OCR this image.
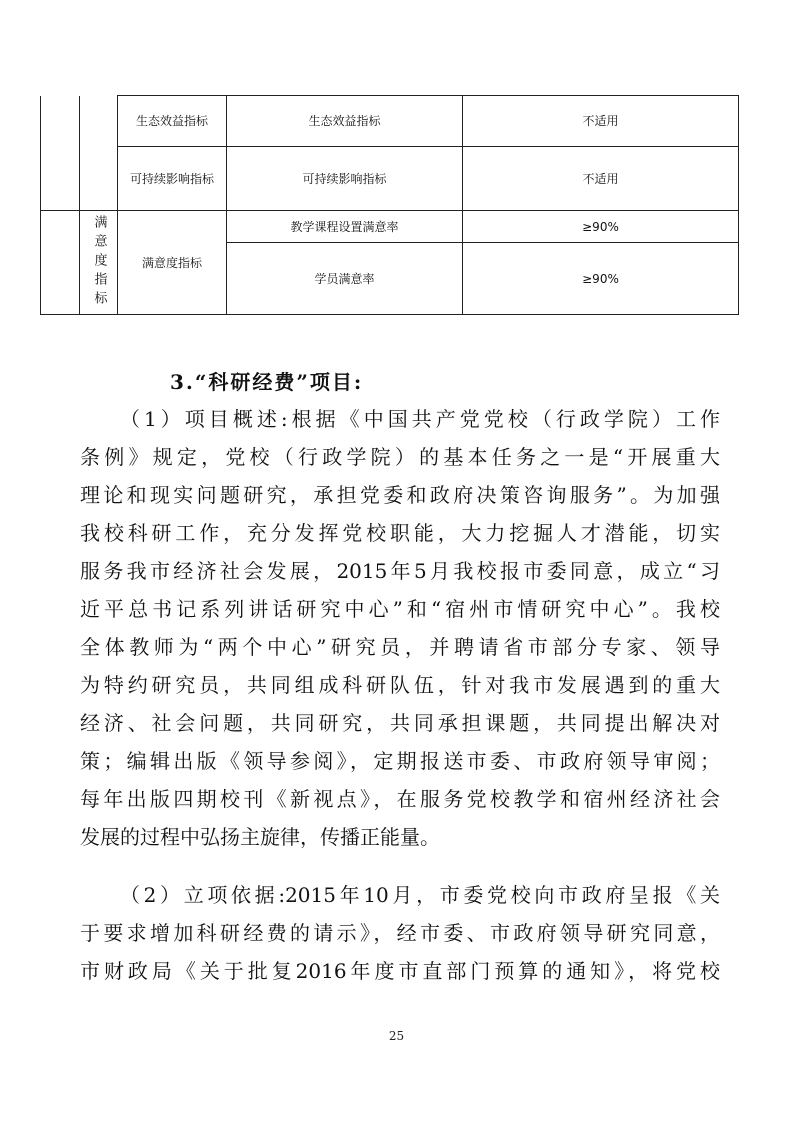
		生态效益指标	生态效益指标	不适用
		可持续影响指标	可持续影响指标	不适用
	满意度指标	满意度指标	教学课程设置满意率	≥90%
			学员满意率	≥90%
3.“科研经费”项目:
（1）项目概述:根据《中国共产党党校（行政学院）工作
条例》规定，党校（行政学院）的基本任务之一是“开展重大
理论和现实问题研究，承担党委和政府决策咨询服务”。为加强
我校科研工作，充分发挥党校职能，大力挖掘人才潜能，切实
服务我市经济社会发展，2015年5月我校报市委同意，成立“习
近平总书记系列讲话研究中心”和“宿州市情研究中心”。我校
全体教师为“两个中心”研究员，并聘请省市部分专家、领导
为特约研究员，共同组成科研队伍，针对我市发展遇到的重大
经济、社会问题，共同研究，共同承担课题，共同提出解决对
策；编辑出版《领导参阅》，定期报送市委、市政府领导审阅；
每年出版四期校刊《新视点》，在服务党校教学和宿州经济社会
发展的过程中弘扬主旋律，传播正能量。
（2）立项依据:2015年10月，市委党校向市政府呈报《关
于要求增加科研经费的请示》，经市委、市政府领导研究同意，
市财政局《关于批复2016年度市直部门预算的通知》，将党校
25
